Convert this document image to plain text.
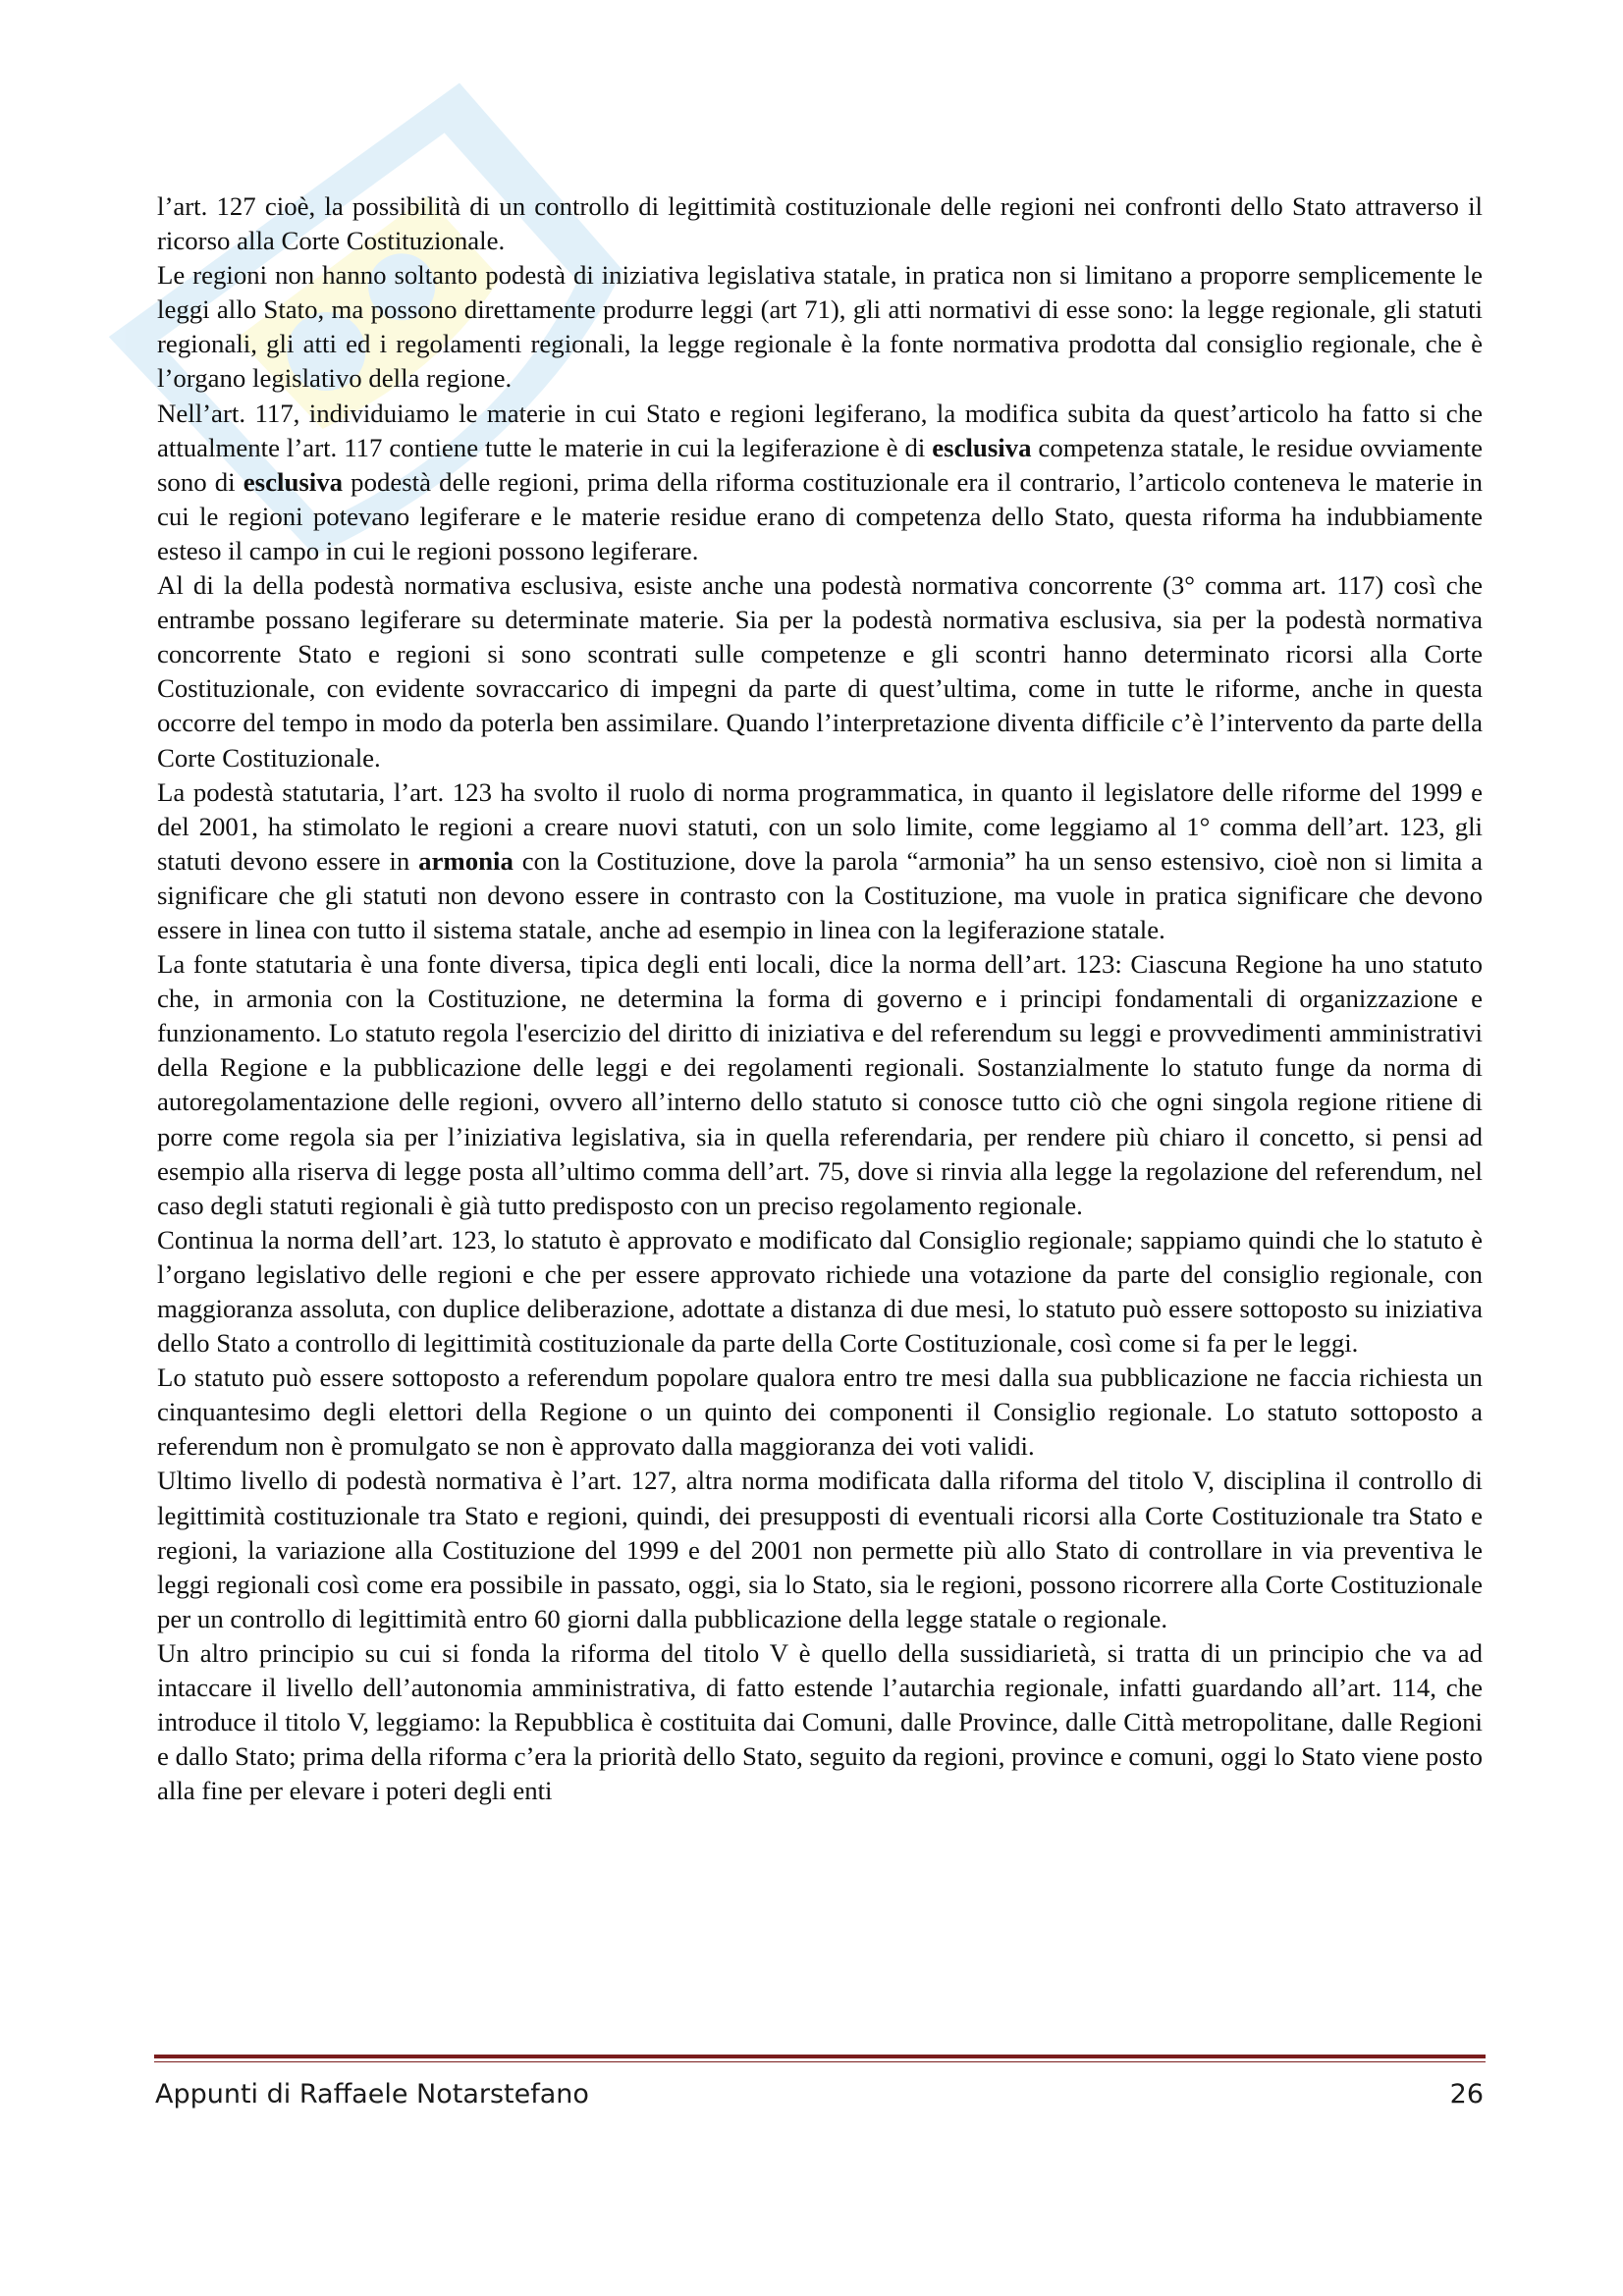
l’art. 127 cioè, la possibilità di un controllo di legittimità costituzionale delle regioni nei confronti dello Stato attraverso il ricorso alla Corte Costituzionale.

Le regioni non hanno soltanto podestà di iniziativa legislativa statale, in pratica non si limitano a proporre semplicemente le leggi allo Stato, ma possono direttamente produrre leggi (art 71), gli atti normativi di esse sono: la legge regionale, gli statuti regionali, gli atti ed i regolamenti regionali, la legge regionale è la fonte normativa prodotta dal consiglio regionale, che è l’organo legislativo della regione.

Nell’art. 117, individuiamo le materie in cui Stato e regioni legiferano, la modifica subita da quest’articolo ha fatto si che attualmente l’art. 117 contiene tutte le materie in cui la legiferazione è di esclusiva competenza statale, le residue ovviamente sono di esclusiva podestà delle regioni, prima della riforma costituzionale era il contrario, l’articolo conteneva le materie in cui le regioni potevano legiferare e le materie residue erano di competenza dello Stato, questa riforma ha indubbiamente esteso il campo in cui le regioni possono legiferare.

Al di la della podestà normativa esclusiva, esiste anche una podestà normativa concorrente (3° comma art. 117) così che entrambe possano legiferare su determinate materie. Sia per la podestà normativa esclusiva, sia per la podestà normativa concorrente Stato e regioni si sono scontrati sulle competenze e gli scontri hanno determinato ricorsi alla Corte Costituzionale, con evidente sovraccarico di impegni da parte di quest’ultima, come in tutte le riforme, anche in questa occorre del tempo in modo da poterla ben assimilare. Quando l’interpretazione diventa difficile c’è l’intervento da parte della Corte Costituzionale.

La podestà statutaria, l’art. 123 ha svolto il ruolo di norma programmatica, in quanto il legislatore delle riforme del 1999 e del 2001, ha stimolato le regioni a creare nuovi statuti, con un solo limite, come leggiamo al 1° comma dell’art. 123, gli statuti devono essere in armonia con la Costituzione, dove la parola “armonia” ha un senso estensivo, cioè non si limita a significare che gli statuti non devono essere in contrasto con la Costituzione, ma vuole in pratica significare che devono essere in linea con tutto il sistema statale, anche ad esempio in linea con la legiferazione statale.

La fonte statutaria è una fonte diversa, tipica degli enti locali, dice la norma dell’art. 123: Ciascuna Regione ha uno statuto che, in armonia con la Costituzione, ne determina la forma di governo e i principi fondamentali di organizzazione e funzionamento. Lo statuto regola l'esercizio del diritto di iniziativa e del referendum su leggi e provvedimenti amministrativi della Regione e la pubblicazione delle leggi e dei regolamenti regionali. Sostanzialmente lo statuto funge da norma di autoregolamentazione delle regioni, ovvero all’interno dello statuto si conosce tutto ciò che ogni singola regione ritiene di porre come regola sia per l’iniziativa legislativa, sia in quella referendaria, per rendere più chiaro il concetto, si pensi ad esempio alla riserva di legge posta all’ultimo comma dell’art. 75, dove si rinvia alla legge la regolazione del referendum, nel caso degli statuti regionali è già tutto predisposto con un preciso regolamento regionale.

Continua la norma dell’art. 123, lo statuto è approvato e modificato dal Consiglio regionale; sappiamo quindi che lo statuto è l’organo legislativo delle regioni e che per essere approvato richiede una votazione da parte del consiglio regionale, con maggioranza assoluta, con duplice deliberazione, adottate a distanza di due mesi, lo statuto può essere sottoposto su iniziativa dello Stato a controllo di legittimità costituzionale da parte della Corte Costituzionale, così come si fa per le leggi.

Lo statuto può essere sottoposto a referendum popolare qualora entro tre mesi dalla sua pubblicazione ne faccia richiesta un cinquantesimo degli elettori della Regione o un quinto dei componenti il Consiglio regionale. Lo statuto sottoposto a referendum non è promulgato se non è approvato dalla maggioranza dei voti validi.

Ultimo livello di podestà normativa è l’art. 127, altra norma modificata dalla riforma del titolo V, disciplina il controllo di legittimità costituzionale tra Stato e regioni, quindi, dei presupposti di eventuali ricorsi alla Corte Costituzionale tra Stato e regioni, la variazione alla Costituzione del 1999 e del 2001 non permette più allo Stato di controllare in via preventiva le leggi regionali così come era possibile in passato, oggi, sia lo Stato, sia le regioni, possono ricorrere alla Corte Costituzionale per un controllo di legittimità entro 60 giorni dalla pubblicazione della legge statale o regionale.

Un altro principio su cui si fonda la riforma del titolo V è quello della sussidiarietà, si tratta di un principio che va ad intaccare il livello dell’autonomia amministrativa, di fatto estende l’autarchia regionale, infatti guardando all’art. 114, che introduce il titolo V, leggiamo: la Repubblica è costituita dai Comuni, dalle Province, dalle Città metropolitane, dalle Regioni e dallo Stato; prima della riforma c’era la priorità dello Stato, seguito da regioni, province e comuni, oggi lo Stato viene posto alla fine per elevare i poteri degli enti

Appunti di Raffaele Notarstefano	26
